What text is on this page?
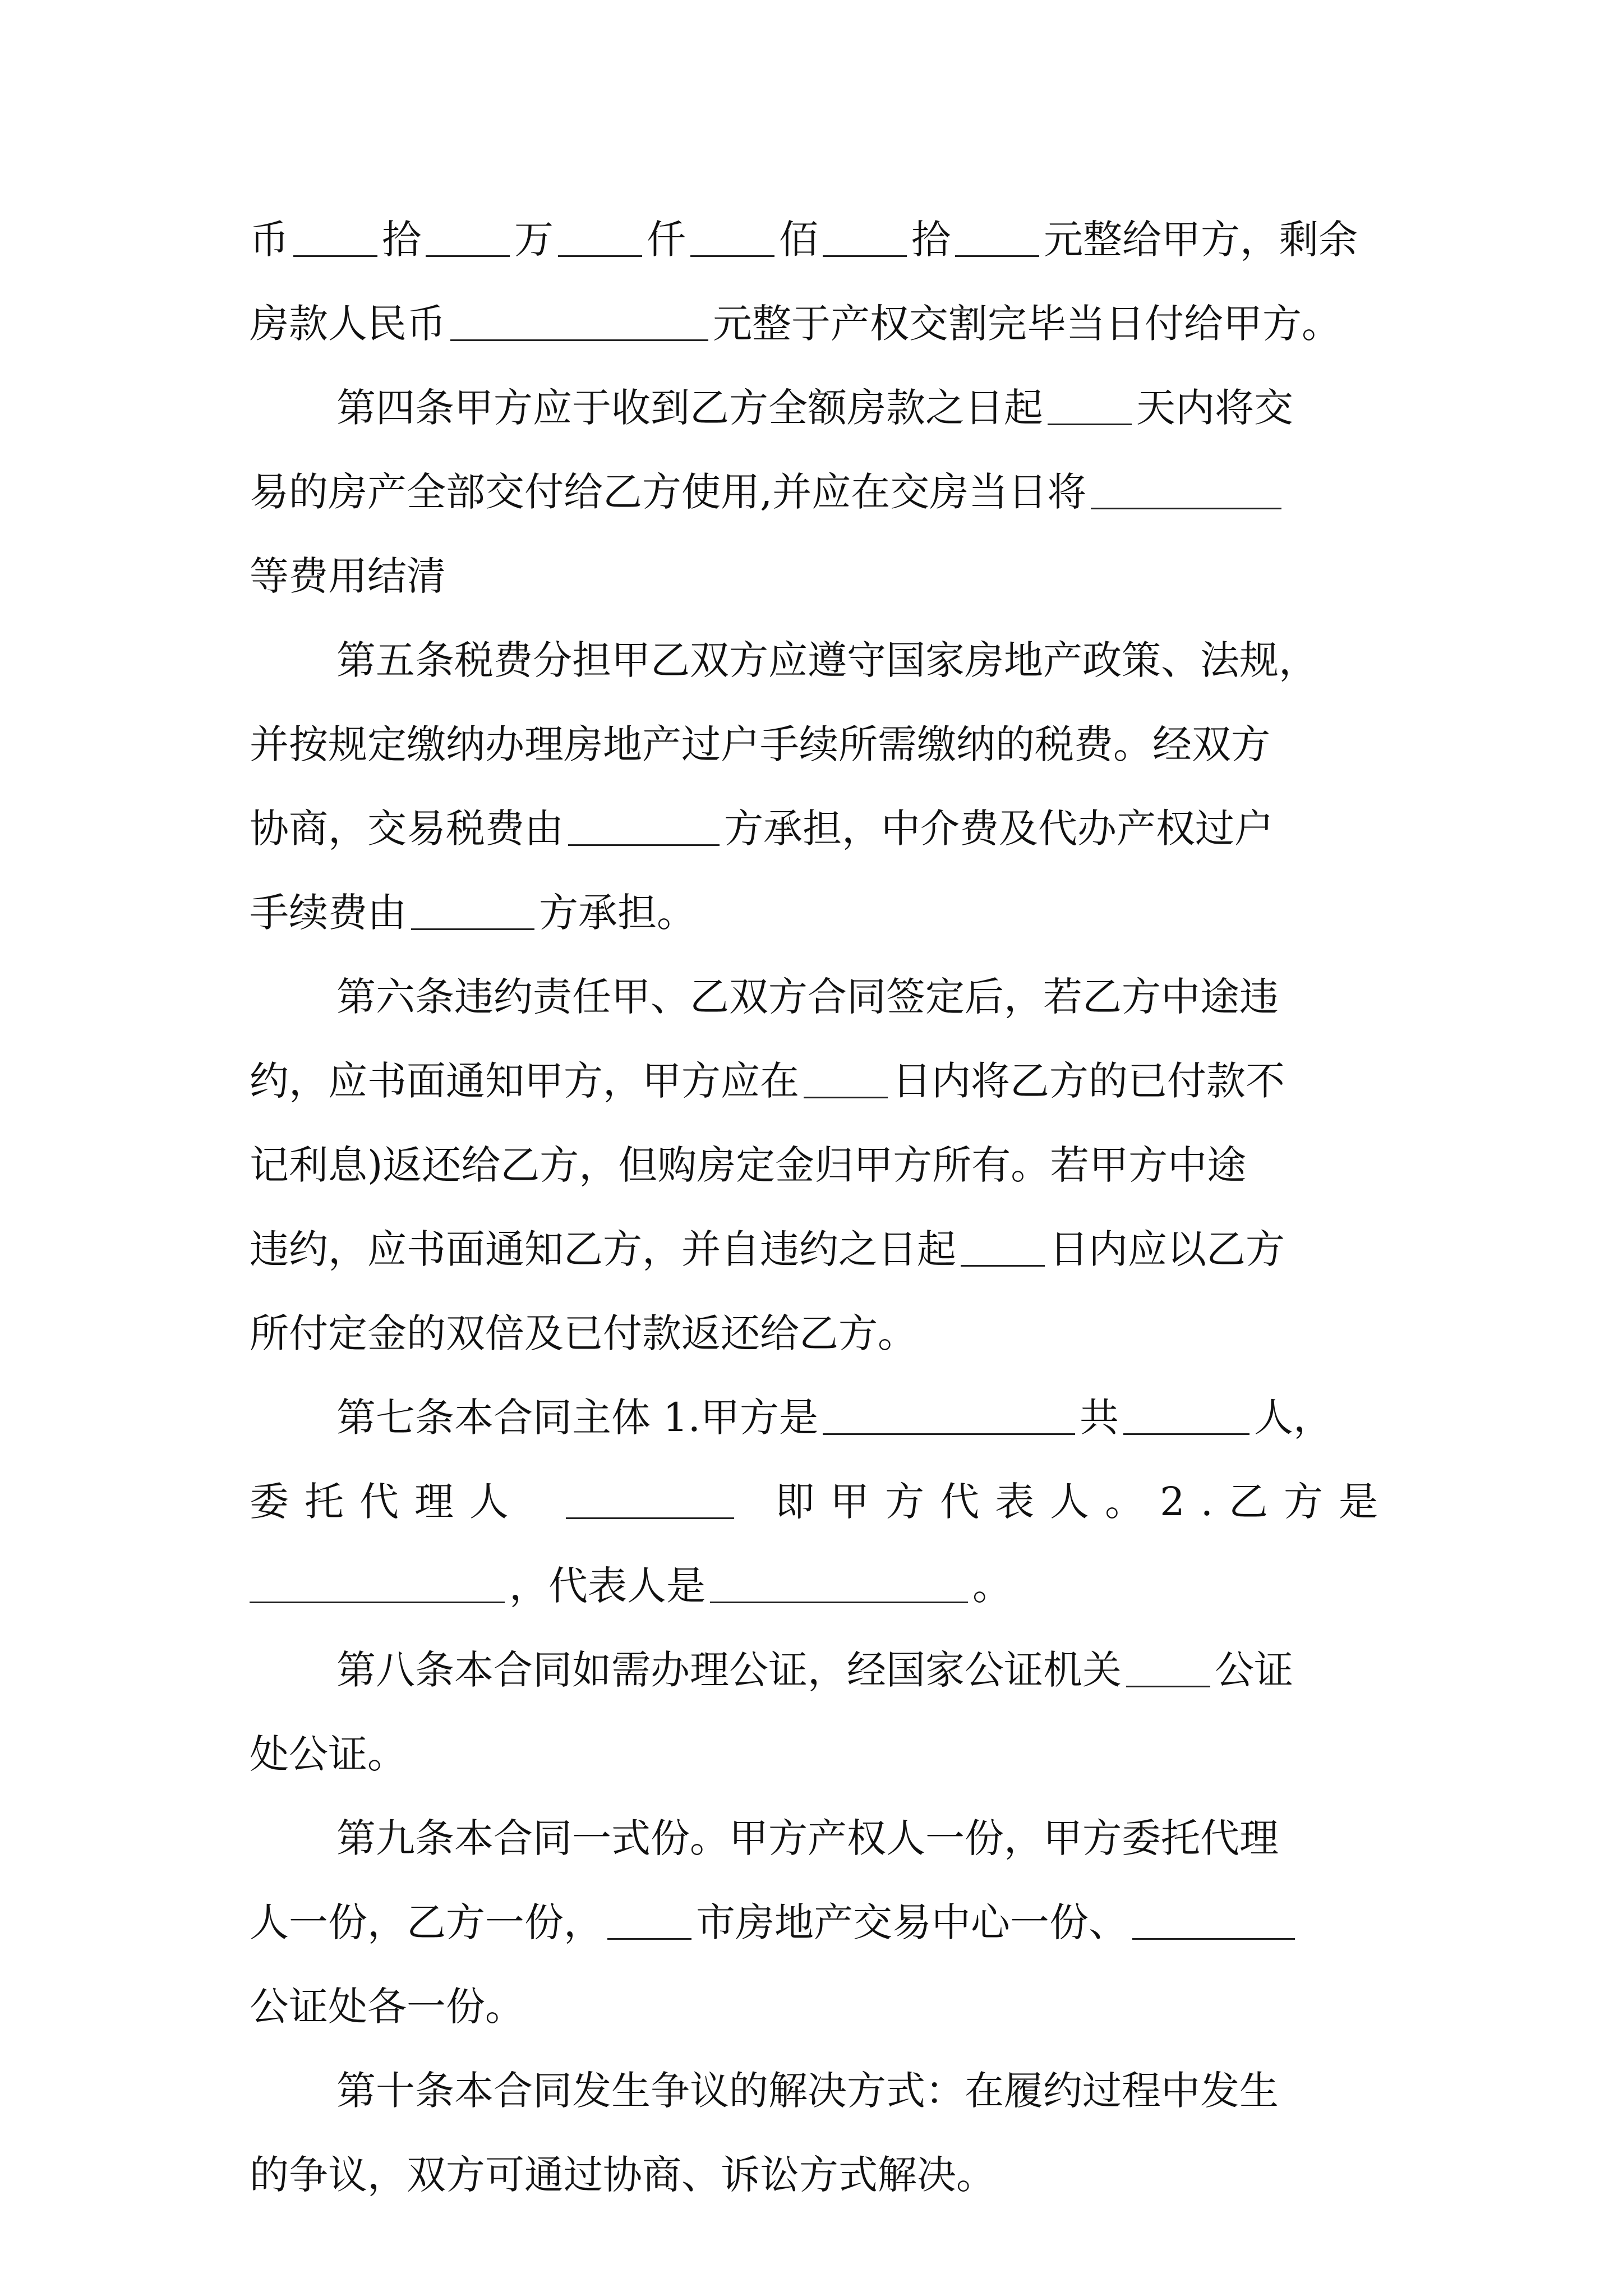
币 拾 万 仟 佰 拾 元整给甲方，剩余
房款人民币	元整于产权交割完毕当日付给甲方。
第四条甲方应于收到乙方全额房款之日起 天内将交
易的房产全部交付给乙方使用,并应在交房当日将
等费用结清
第五条税费分担甲乙双方应遵守国家房地产政策、法规，
并按规定缴纳办理房地产过户手续所需缴纳的税费。经双方
协商，交易税费由	方承担，中介费及代办产权过户
手续费由	方承担。
第六条违约责任甲、乙双方合同签定后，若乙方中途违
约，应书面通知甲方，甲方应在 日内将乙方的已付款不
记利息)返还给乙方，但购房定金归甲方所有。若甲方中途
违约，应书面通知乙方，并自违约之日起 日内应以乙方
所付定金的双倍及已付款返还给乙方。
第七条本合同主体 1.甲方是	共	人，
委托代理人	即甲方代表人。2.乙方是
，代表人是	。
第八条本合同如需办理公证，经国家公证机关 公证
处公证。
第九条本合同一式份。甲方产权人一份，甲方委托代理
人一份，乙方一份， 市房地产交易中心一份、
公证处各一份。
第十条本合同发生争议的解决方式：在履约过程中发生
的争议，双方可通过协商、诉讼方式解决。
